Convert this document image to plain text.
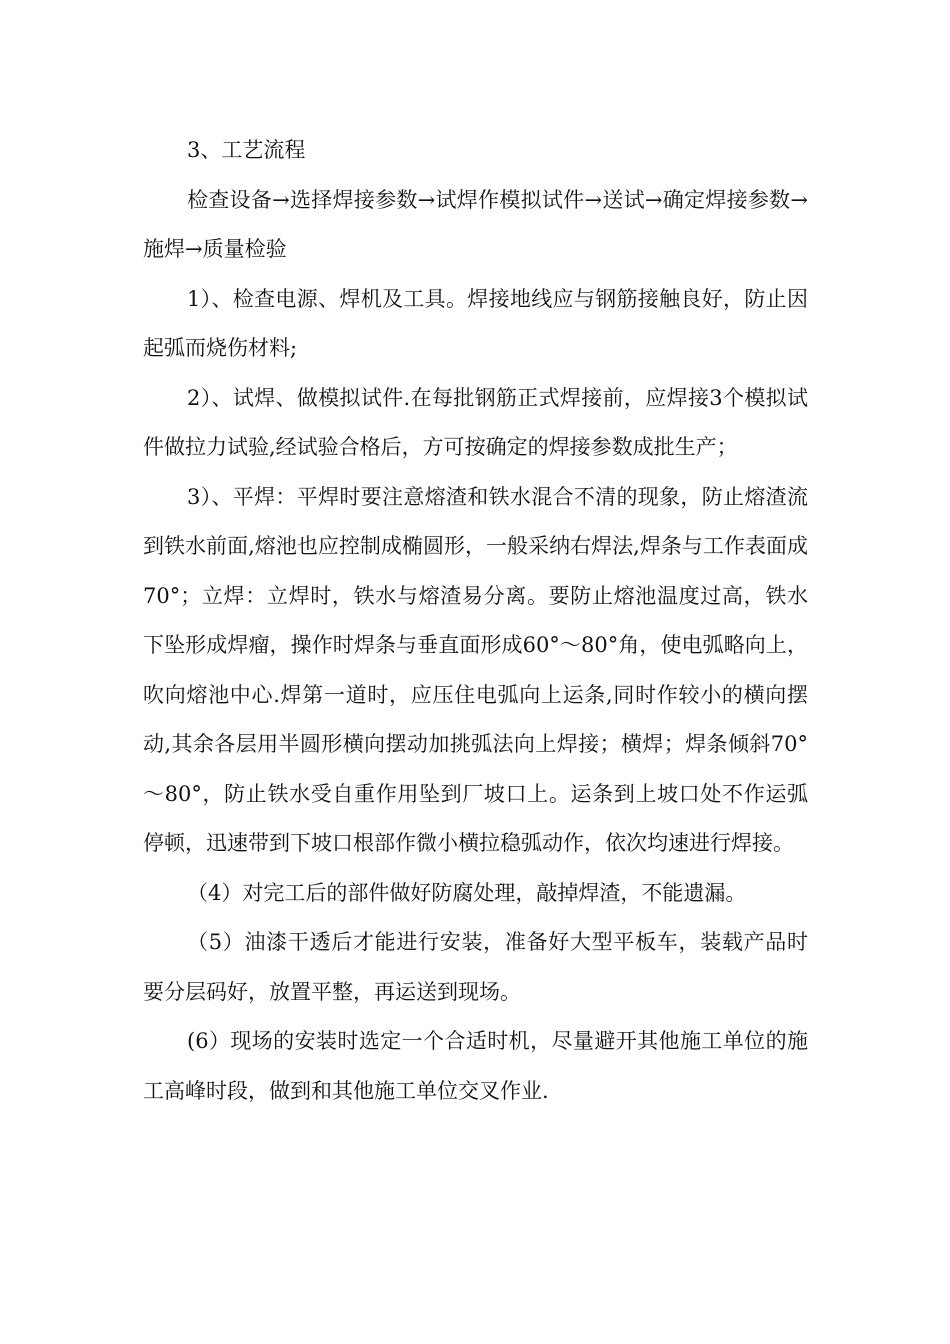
3、工艺流程

检查设备→选择焊接参数→试焊作模拟试件→送试→确定焊接参数→施焊→质量检验

1）、检查电源、焊机及工具。焊接地线应与钢筋接触良好，防止因起弧而烧伤材料;

2）、试焊、做模拟试件.在每批钢筋正式焊接前，应焊接3个模拟试件做拉力试验,经试验合格后，方可按确定的焊接参数成批生产；

3）、平焊：平焊时要注意熔渣和铁水混合不清的现象，防止熔渣流到铁水前面,熔池也应控制成椭圆形，一般采纳右焊法,焊条与工作表面成70°；立焊：立焊时，铁水与熔渣易分离。要防止熔池温度过高，铁水下坠形成焊瘤，操作时焊条与垂直面形成60°～80°角，使电弧略向上，吹向熔池中心.焊第一道时，应压住电弧向上运条,同时作较小的横向摆动,其余各层用半圆形横向摆动加挑弧法向上焊接；横焊；焊条倾斜70°～80°，防止铁水受自重作用坠到厂坡口上。运条到上坡口处不作运弧停顿，迅速带到下坡口根部作微小横拉稳弧动作，依次均速进行焊接。

（4）对完工后的部件做好防腐处理，敲掉焊渣，不能遗漏。

（5）油漆干透后才能进行安装，准备好大型平板车，装载产品时要分层码好，放置平整，再运送到现场。

(6）现场的安装时选定一个合适时机，尽量避开其他施工单位的施工高峰时段，做到和其他施工单位交叉作业.
